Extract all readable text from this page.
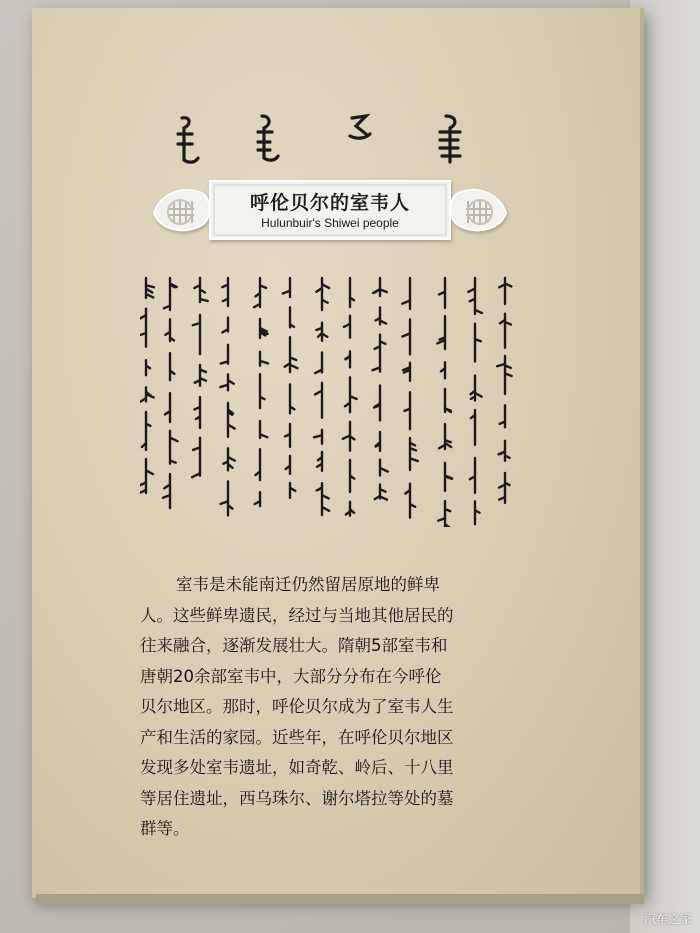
呼伦贝尔的室韦人
Hulunbuir's Shiwei people
室韦是未能南迁仍然留居原地的鲜卑
人。这些鲜卑遗民，经过与当地其他居民的
往来融合，逐渐发展壮大。隋朝5部室韦和
唐朝20余部室韦中，大部分分布在今呼伦
贝尔地区。那时，呼伦贝尔成为了室韦人生
产和生活的家园。近些年，在呼伦贝尔地区
发现多处室韦遗址，如奇乾、岭后、十八里
等居住遗址，西乌珠尔、谢尔塔拉等处的墓
群等。
汽车之家
